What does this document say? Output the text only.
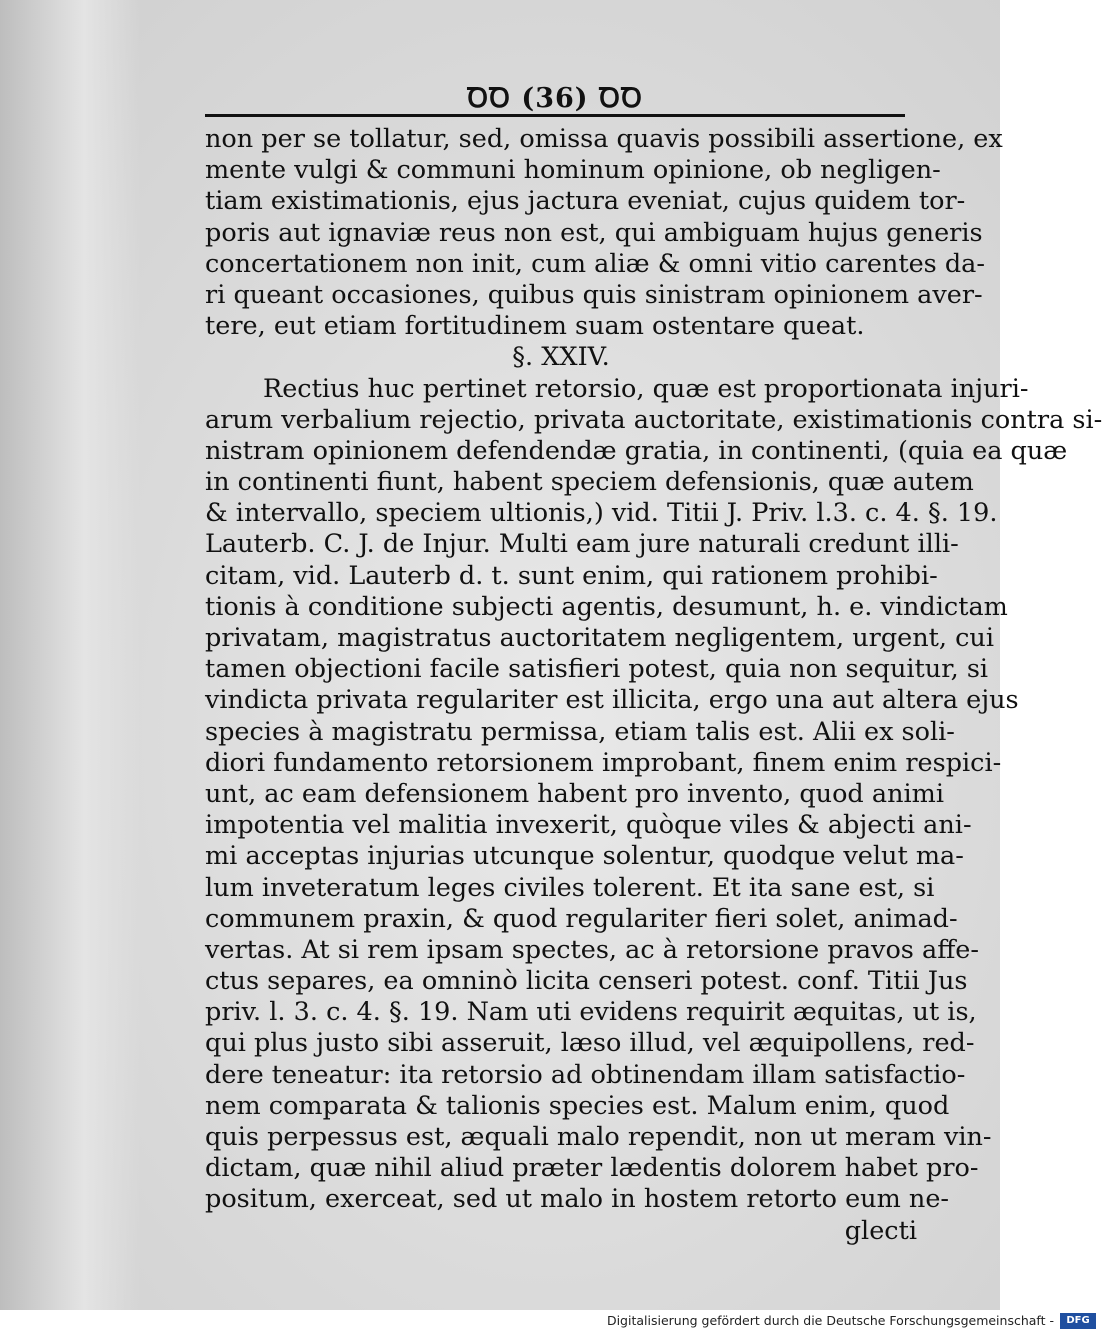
ꝹꝹ (36) ꝹꝹ
non per se tollatur, sed, omissa quavis possibili assertione, ex
mente vulgi & communi hominum opinione, ob negligen-
tiam existimationis, ejus jactura eveniat, cujus quidem tor-
poris aut ignaviæ reus non est, qui ambiguam hujus generis
concertationem non init, cum aliæ & omni vitio carentes da-
ri queant occasiones, quibus quis sinistram opinionem aver-
tere, eut etiam fortitudinem suam ostentare queat.
§. XXIV.
Rectius huc pertinet retorsio, quæ est proportionata injuri-
arum verbalium rejectio, privata auctoritate, existimationis contra si-
nistram opinionem defendendæ gratia, in continenti, (quia ea quæ
in continenti fiunt, habent speciem defensionis, quæ autem
& intervallo, speciem ultionis,) vid. Titii J. Priv. l.3. c. 4. §. 19.
Lauterb. C. J. de Injur. Multi eam jure naturali credunt illi-
citam, vid. Lauterb d. t. sunt enim, qui rationem prohibi-
tionis à conditione subjecti agentis, desumunt, h. e. vindictam
privatam, magistratus auctoritatem negligentem, urgent, cui
tamen objectioni facile satisfieri potest, quia non sequitur, si
vindicta privata regulariter est illicita, ergo una aut altera ejus
species à magistratu permissa, etiam talis est. Alii ex soli-
diori fundamento retorsionem improbant, finem enim respici-
unt, ac eam defensionem habent pro invento, quod animi
impotentia vel malitia invexerit, quòque viles & abjecti ani-
mi acceptas injurias utcunque solentur, quodque velut ma-
lum inveteratum leges civiles tolerent. Et ita sane est, si
communem praxin, & quod regulariter fieri solet, animad-
vertas. At si rem ipsam spectes, ac à retorsione pravos affe-
ctus separes, ea omninò licita censeri potest. conf. Titii Jus
priv. l. 3. c. 4. §. 19. Nam uti evidens requirit æquitas, ut is,
qui plus justo sibi asseruit, læso illud, vel æquipollens, red-
dere teneatur: ita retorsio ad obtinendam illam satisfactio-
nem comparata & talionis species est. Malum enim, quod
quis perpessus est, æquali malo rependit, non ut meram vin-
dictam, quæ nihil aliud præter lædentis dolorem habet pro-
positum, exerceat, sed ut malo in hostem retorto eum ne-
glecti
Digitalisierung gefördert durch die Deutsche Forschungsgemeinschaft -	DFG
